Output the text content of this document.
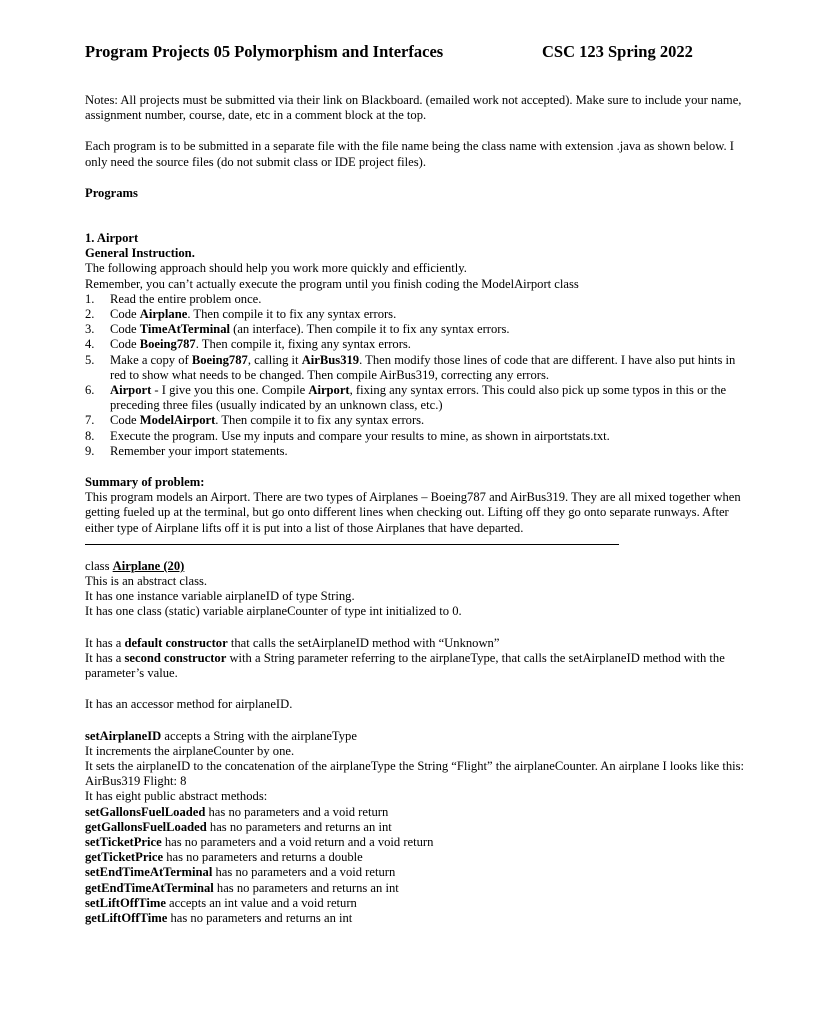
Program Projects 05 Polymorphism and Interfaces	CSC 123 Spring 2022

Notes: All projects must be submitted via their link on Blackboard. (emailed work not accepted). Make sure to include your name, assignment number, course, date, etc in a comment block at the top.

Each program is to be submitted in a separate file with the file name being the class name with extension .java as shown below. I only need the source files (do not submit class or IDE project files).

Programs

1. Airport

General Instruction.

The following approach should help you work more quickly and efficiently.

Remember, you can’t actually execute the program until you finish coding the ModelAirport class

1. Read the entire problem once.
2. Code Airplane. Then compile it to fix any syntax errors.
3. Code TimeAtTerminal (an interface). Then compile it to fix any syntax errors.
4. Code Boeing787. Then compile it, fixing any syntax errors.
5. Make a copy of Boeing787, calling it AirBus319. Then modify those lines of code that are different. I have also put hints in red to show what needs to be changed. Then compile AirBus319, correcting any errors.
6. Airport - I give you this one. Compile Airport, fixing any syntax errors. This could also pick up some typos in this or the preceding three files (usually indicated by an unknown class, etc.)
7. Code ModelAirport. Then compile it to fix any syntax errors.
8. Execute the program. Use my inputs and compare your results to mine, as shown in airportstats.txt.
9. Remember your import statements.

Summary of problem:

This program models an Airport. There are two types of Airplanes – Boeing787 and AirBus319. They are all mixed together when getting fueled up at the terminal, but go onto different lines when checking out. Lifting off they go onto separate runways. After either type of Airplane lifts off it is put into a list of those Airplanes that have departed.

class Airplane (20)

This is an abstract class.

It has one instance variable airplaneID of type String.

It has one class (static) variable airplaneCounter of type int initialized to 0.

It has a default constructor that calls the setAirplaneID method with “Unknown”

It has a second constructor with a String parameter referring to the airplaneType, that calls the setAirplaneID method with the parameter’s value.

It has an accessor method for airplaneID.

setAirplaneID accepts a String with the airplaneType

It increments the airplaneCounter by one.

It sets the airplaneID to the concatenation of the airplaneType the String “Flight” the airplaneCounter. An airplane I looks like this: AirBus319 Flight: 8

It has eight public abstract methods:

setGallonsFuelLoaded has no parameters and a void return

getGallonsFuelLoaded has no parameters and returns an int

setTicketPrice has no parameters and a void return and a void return

getTicketPrice has no parameters and returns a double

setEndTimeAtTerminal has no parameters and a void return

getEndTimeAtTerminal has no parameters and returns an int

setLiftOffTime accepts an int value and a void return

getLiftOffTime has no parameters and returns an int
